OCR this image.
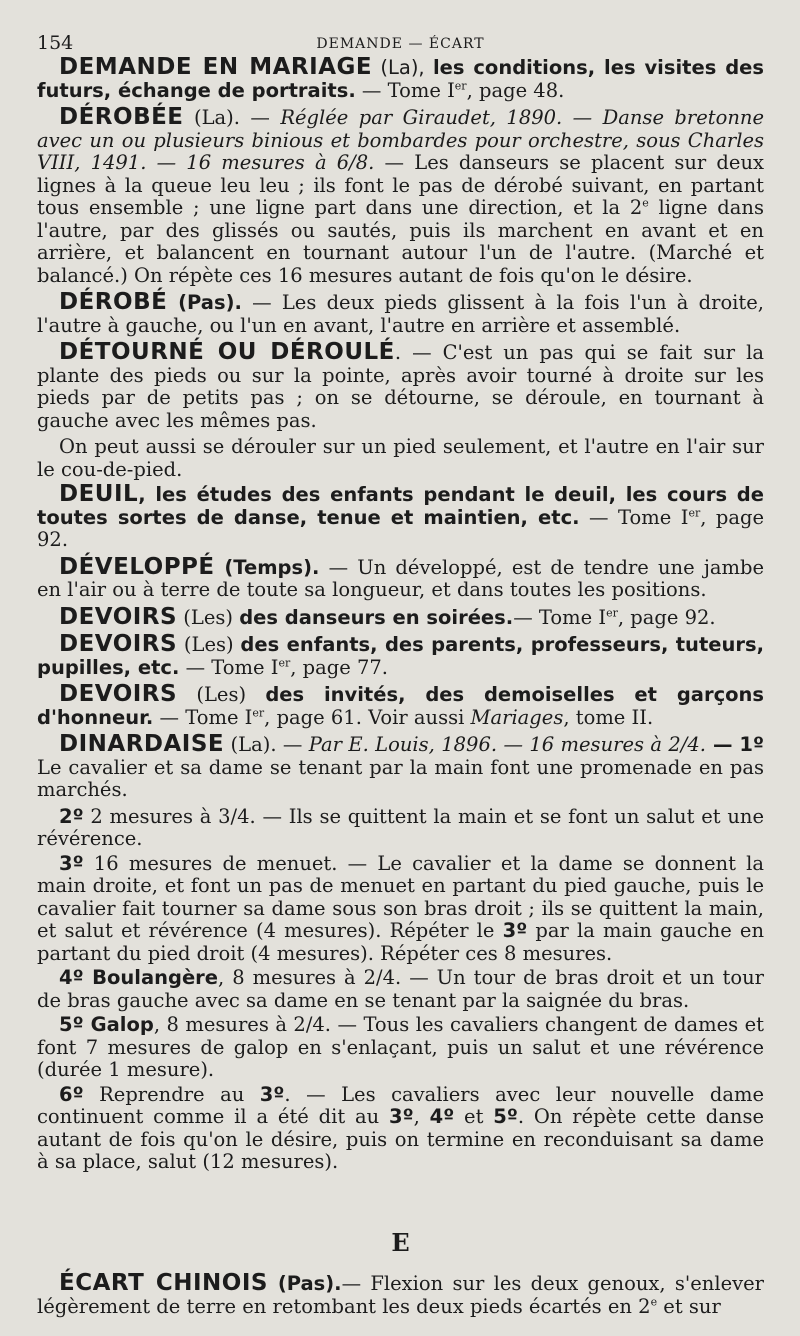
154	DEMANDE — ÉCART

DEMANDE EN MARIAGE (La), les conditions, les visites des futurs, échange de portraits. — Tome Ier, page 48.

DÉROBÉE (La). — Réglée par Giraudet, 1890. — Danse bretonne avec un ou plusieurs binious et bombardes pour orchestre, sous Charles VIII, 1491. — 16 mesures à 6/8. — Les danseurs se placent sur deux lignes à la queue leu leu ; ils font le pas de dérobé suivant, en partant tous ensemble ; une ligne part dans une direction, et la 2e ligne dans l'autre, par des glissés ou sautés, puis ils marchent en avant et en arrière, et balancent en tournant autour l'un de l'autre. (Marché et balancé.) On répète ces 16 mesures autant de fois qu'on le désire.

DÉROBÉ (Pas). — Les deux pieds glissent à la fois l'un à droite, l'autre à gauche, ou l'un en avant, l'autre en arrière et assemblé.

DÉTOURNÉ OU DÉROULÉ. — C'est un pas qui se fait sur la plante des pieds ou sur la pointe, après avoir tourné à droite sur les pieds par de petits pas ; on se détourne, se déroule, en tournant à gauche avec les mêmes pas.

On peut aussi se dérouler sur un pied seulement, et l'autre en l'air sur le cou-de-pied.

DEUIL, les études des enfants pendant le deuil, les cours de toutes sortes de danse, tenue et maintien, etc. — Tome Ier, page 92.

DÉVELOPPÉ (Temps). — Un développé, est de tendre une jambe en l'air ou à terre de toute sa longueur, et dans toutes les positions.

DEVOIRS (Les) des danseurs en soirées.— Tome Ier, page 92.

DEVOIRS (Les) des enfants, des parents, professeurs, tuteurs, pupilles, etc. — Tome Ier, page 77.

DEVOIRS (Les) des invités, des demoiselles et garçons d'honneur. — Tome Ier, page 61. Voir aussi Mariages, tome II.

DINARDAISE (La). — Par E. Louis, 1896. — 16 mesures à 2/4. — 1º Le cavalier et sa dame se tenant par la main font une promenade en pas marchés.

2º 2 mesures à 3/4. — Ils se quittent la main et se font un salut et une révérence.

3º 16 mesures de menuet. — Le cavalier et la dame se donnent la main droite, et font un pas de menuet en partant du pied gauche, puis le cavalier fait tourner sa dame sous son bras droit ; ils se quittent la main, et salut et révérence (4 mesures). Répéter le 3º par la main gauche en partant du pied droit (4 mesures). Répéter ces 8 mesures.

4º Boulangère, 8 mesures à 2/4. — Un tour de bras droit et un tour de bras gauche avec sa dame en se tenant par la saignée du bras.

5º Galop, 8 mesures à 2/4. — Tous les cavaliers changent de dames et font 7 mesures de galop en s'enlaçant, puis un salut et une révérence (durée 1 mesure).

6º Reprendre au 3º. — Les cavaliers avec leur nouvelle dame continuent comme il a été dit au 3º, 4º et 5º. On répète cette danse autant de fois qu'on le désire, puis on termine en reconduisant sa dame à sa place, salut (12 mesures).

E

ÉCART CHINOIS (Pas).— Flexion sur les deux genoux, s'enlever légèrement de terre en retombant les deux pieds écartés en 2e et sur
